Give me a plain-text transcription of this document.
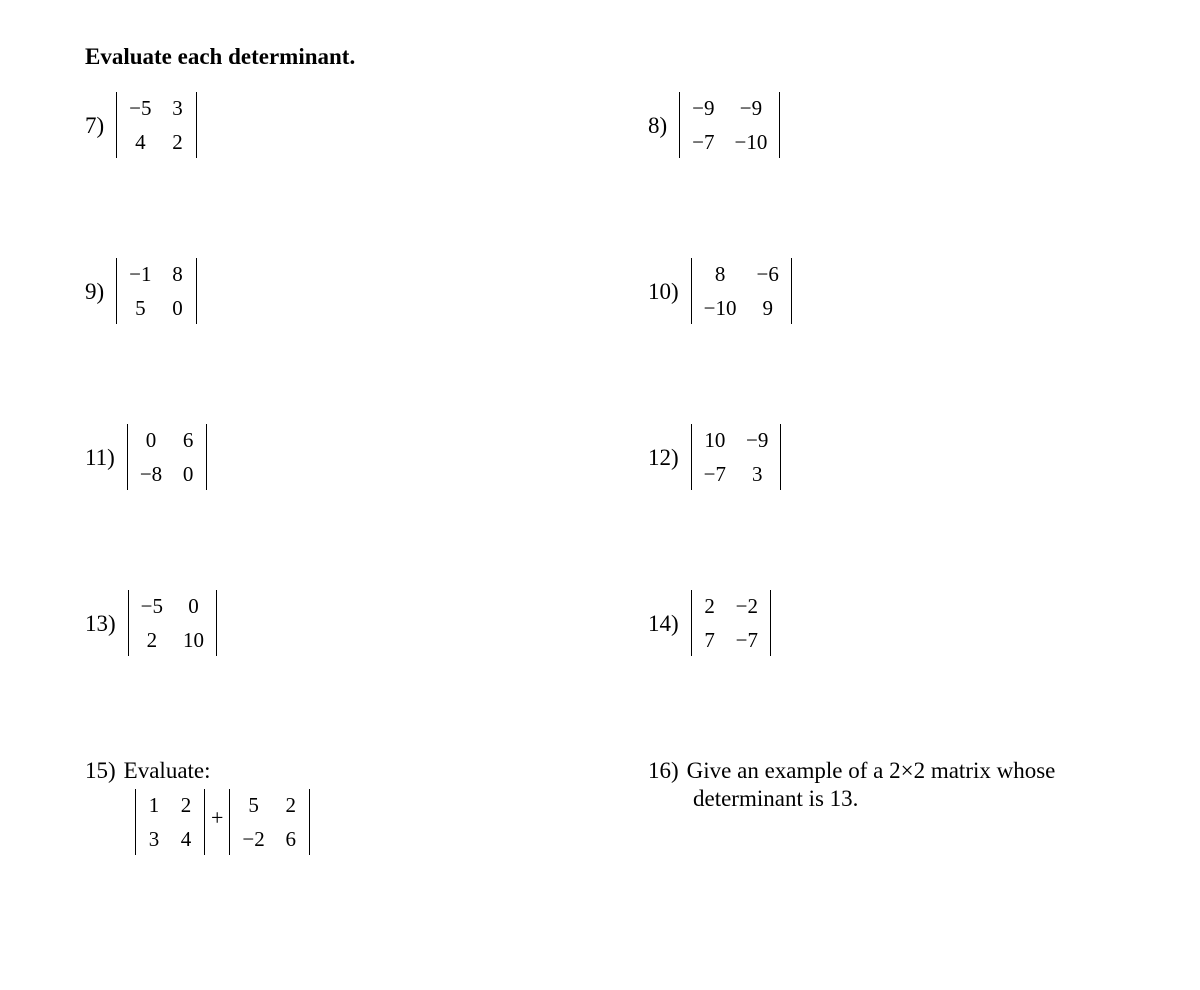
Evaluate each determinant.
7)
−5 3
4 2
8)
−9 −9
−7 −10
9)
−1 8
5 0
10)
8	−6
−10 9
11)
0 6
−8 0
12)
10 −9
−7 3
13)
−5 0
2 10
14)
2 −2
7 −7
15) Evaluate:
1 2
3 4
+ 5 2
−2 6
16) Give an example of a 2×2 matrix whose
determinant is 13.
